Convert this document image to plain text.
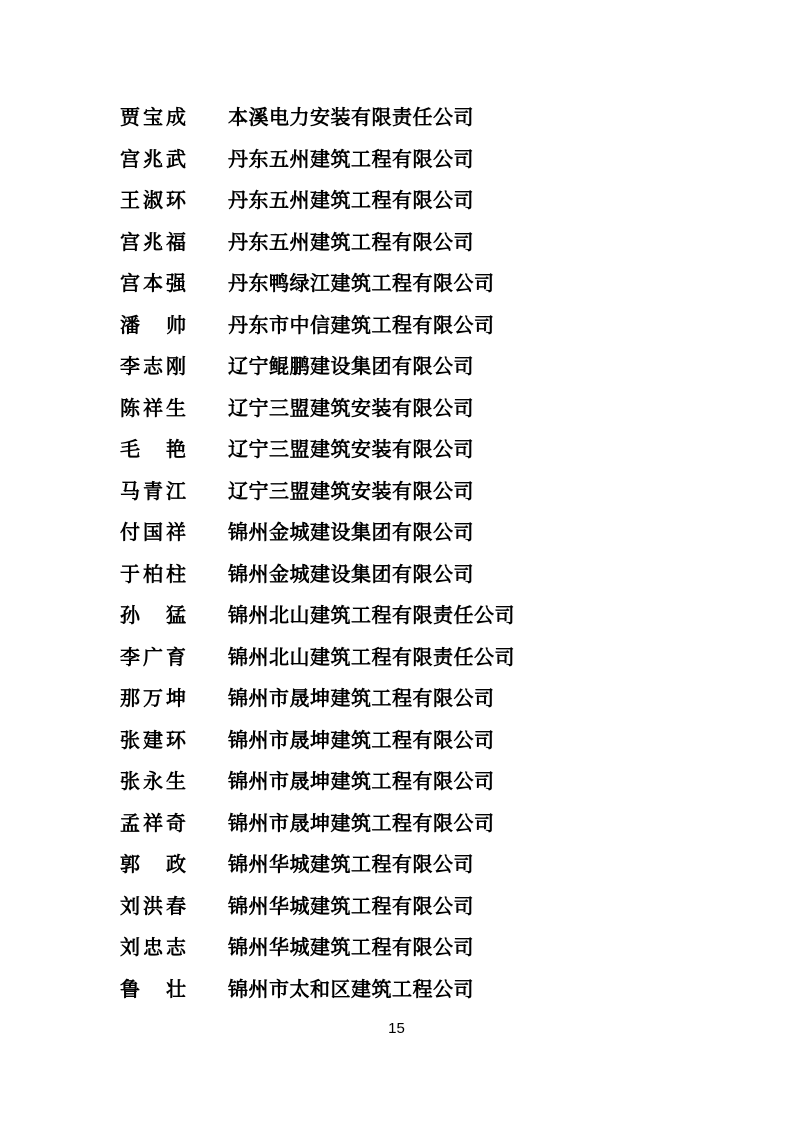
贾宝成 本溪电力安装有限责任公司
宫兆武 丹东五州建筑工程有限公司
王淑环 丹东五州建筑工程有限公司
宫兆福 丹东五州建筑工程有限公司
宫本强 丹东鸭绿江建筑工程有限公司
潘 帅 丹东市中信建筑工程有限公司
李志刚 辽宁鲲鹏建设集团有限公司
陈祥生 辽宁三盟建筑安装有限公司
毛 艳 辽宁三盟建筑安装有限公司
马青江 辽宁三盟建筑安装有限公司
付国祥 锦州金城建设集团有限公司
于柏柱 锦州金城建设集团有限公司
孙 猛 锦州北山建筑工程有限责任公司
李广育 锦州北山建筑工程有限责任公司
那万坤 锦州市晟坤建筑工程有限公司
张建环 锦州市晟坤建筑工程有限公司
张永生 锦州市晟坤建筑工程有限公司
孟祥奇 锦州市晟坤建筑工程有限公司
郭 政 锦州华城建筑工程有限公司
刘洪春 锦州华城建筑工程有限公司
刘忠志 锦州华城建筑工程有限公司
鲁 壮 锦州市太和区建筑工程公司
15
